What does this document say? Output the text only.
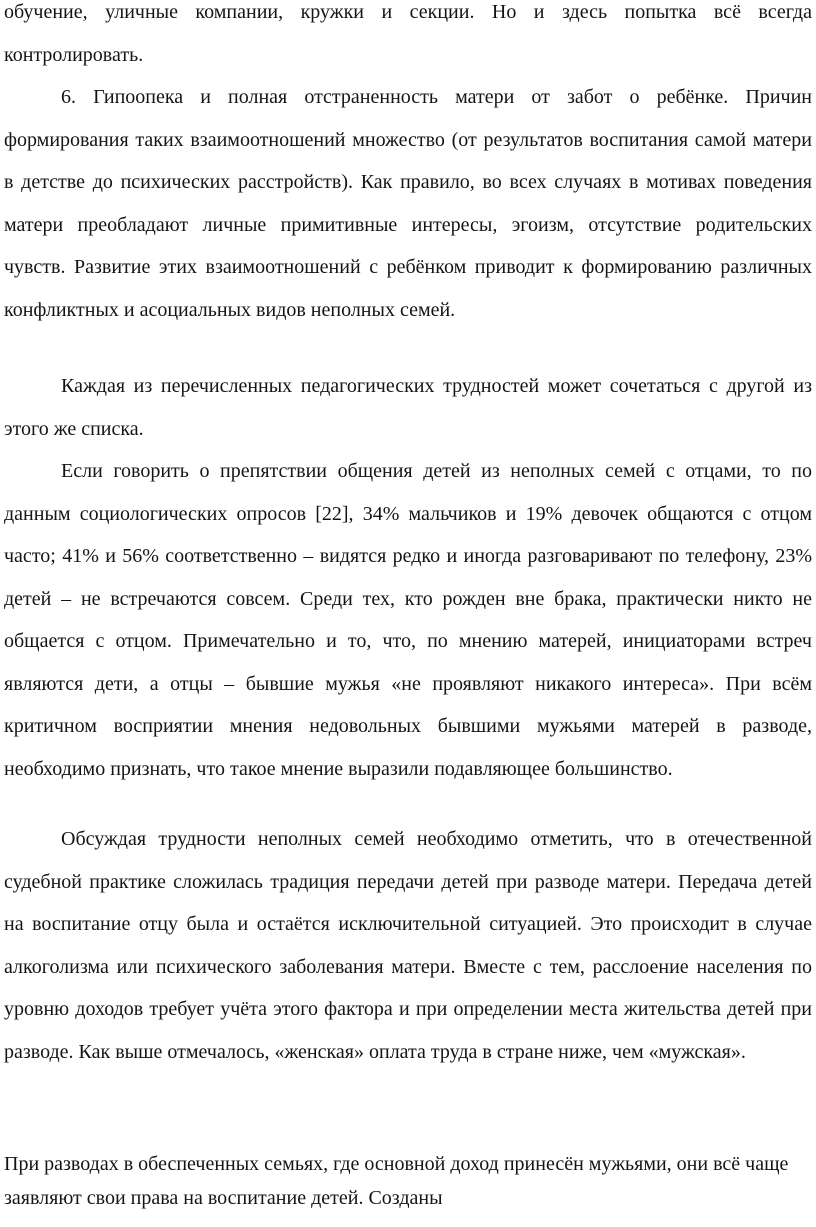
обучение, уличные компании, кружки и секции. Но и здесь попытка всё всегда контролировать.

6. Гипоопека и полная отстраненность матери от забот о ребёнке. Причин формирования таких взаимоотношений множество (от результатов воспитания самой матери в детстве до психических расстройств). Как правило, во всех случаях в мотивах поведения матери преобладают личные примитивные интересы, эгоизм, отсутствие родительских чувств. Развитие этих взаимоотношений с ребёнком приводит к формированию различных конфликтных и асоциальных видов неполных семей.

Каждая из перечисленных педагогических трудностей может сочетаться с другой из этого же списка.

Если говорить о препятствии общения детей из неполных семей с отцами, то по данным социологических опросов [22], 34% мальчиков и 19% девочек общаются с отцом часто; 41% и 56% соответственно – видятся редко и иногда разговаривают по телефону, 23% детей – не встречаются совсем. Среди тех, кто рожден вне брака, практически никто не общается с отцом. Примечательно и то, что, по мнению матерей, инициаторами встреч являются дети, а отцы – бывшие мужья «не проявляют никакого интереса». При всём критичном восприятии мнения недовольных бывшими мужьями матерей в разводе, необходимо признать, что такое мнение выразили подавляющее большинство.

Обсуждая трудности неполных семей необходимо отметить, что в отечественной судебной практике сложилась традиция передачи детей при разводе матери. Передача детей на воспитание отцу была и остаётся исключительной ситуацией. Это происходит в случае алкоголизма или психического заболевания матери. Вместе с тем, расслоение населения по уровню доходов требует учёта этого фактора и при определении места жительства детей при разводе. Как выше отмечалось, «женская» оплата труда в стране ниже, чем «мужская».

При разводах в обеспеченных семьях, где основной доход принесён мужьями, они всё чаще заявляют свои права на воспитание детей. Созданы
